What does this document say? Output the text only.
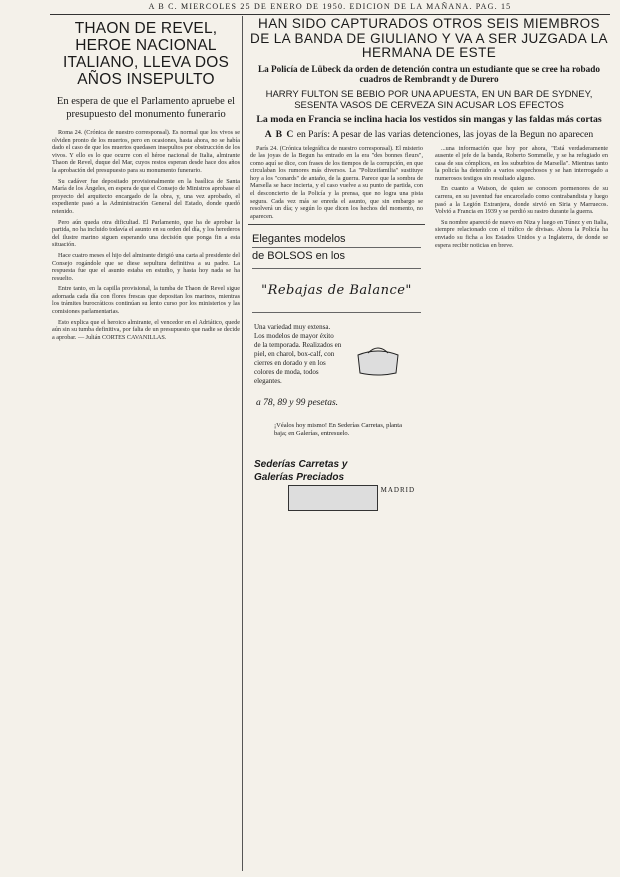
A B C. MIERCOLES 25 DE ENERO DE 1950. EDICION DE LA MAÑANA. PAG. 15
THAON DE REVEL, HEROE NACIONAL ITALIANO, LLEVA DOS AÑOS INSEPULTO
En espera de que el Parlamento apruebe el presupuesto del monumento funerario

Roma 24. (Crónica de nuestro corresponsal). Es normal que los vivos se olviden pronto de los muertos, pero en ocasiones, hasta ahora, no se había dado el caso de que los muertos quedasen insepultos por obstrucción de los vivos. Y ello es lo que ocurre con el héroe nacional de Italia, almirante Thaon de Revel, duque del Mar, cuyos restos esperan desde hace dos años la aprobación del presupuesto para su monumento funerario.

Su cadáver fue depositado provisionalmente en la basílica de Santa María de los Ángeles, en espera de que el Consejo de Ministros aprobase el proyecto del arquitecto encargado de la obra, y, una vez aprobado, el expediente pasó a la Administración General del Estado, donde quedó retenido.

Pero aún queda otra dificultad. El Parlamento, que ha de aprobar la partida, no ha incluido todavía el asunto en su orden del día, y los herederos del ilustre marino siguen esperando una decisión que ponga fin a esta situación.

Hace cuatro meses el hijo del almirante dirigió una carta al presidente del Consejo rogándole que se diese sepultura definitiva a su padre. La respuesta fue que el asunto estaba en estudio, y hasta hoy nada se ha resuelto.

Entre tanto, en la capilla provisional, la tumba de Thaon de Revel sigue adornada cada día con flores frescas que depositan los marinos, mientras los trámites burocráticos continúan su lento curso por los ministerios y las comisiones parlamentarias.

Esto explica que el heroico almirante, el vencedor en el Adriático, quede aún sin su tumba definitiva, por falta de un presupuesto que nadie se decide a aprobar. — Julián CORTES CAVANILLAS.

HAN SIDO CAPTURADOS OTROS SEIS MIEMBROS DE LA BANDA DE GIULIANO Y VA A SER JUZGADA LA HERMANA DE ESTE
La Policía de Lübeck da orden de detención contra un estudiante que se cree ha robado cuadros de Rembrandt y de Durero
HARRY FULTON SE BEBIO POR UNA APUESTA, EN UN BAR DE SYDNEY, SESENTA VASOS DE CERVEZA SIN ACUSAR LOS EFECTOS
La moda en Francia se inclina hacia los vestidos sin mangas y las faldas más cortas
A B C en París: A pesar de las varias detenciones, las joyas de la Begun no aparecen

París 24. (Crónica telegráfica de nuestro corresponsal). El misterio de las joyas de la Begun ha entrado en la era "des bonnes fleurs", como aquí se dice, con frases de los tiempos de la corrupción, en que circulaban los rumores más diversos. La "Polizeifamilia" sustituye hoy a los "conards" de antaño, de la guerra. Parece que la sombra de Marsella se hace incierta, y el caso vuelve a su punto de partida, con el desconcierto de la Policía y la prensa, que no logra una pista segura. Cada vez más se enreda el asunto, que sin embargo se resolverá un día; y según lo que dicen los hechos del momento, no aparecen.

Elegantes modelos
de BOLSOS en los
"Rebajas de Balance"
Una variedad muy extensa. Los modelos de mayor éxito de la temporada. Realizados en piel, en charol, box-calf, con cierres en dorado y en los colores de moda, todos elegantes.
a 78, 89 y 99 pesetas.
¡Véalos hoy mismo! En Sederías Carretas, planta baja; en Galerías, entresuelo.
Sederías Carretas y
Galerías Preciados
MADRID

...una información que hoy por ahora, "Está verdaderamente ausente el jefe de la banda, Roberto Sommelle, y se ha refugiado en casa de sus cómplices, en los suburbios de Marsella". Mientras tanto la policía ha detenido a varios sospechosos y se han interrogado a numerosos testigos sin resultado alguno.

En cuanto a Watson, de quien se conocen pormenores de su carrera, en su juventud fue encarcelado como contrabandista y luego pasó a la Legión Extranjera, donde sirvió en Siria y Marruecos. Volvió a Francia en 1939 y se perdió su rastro durante la guerra.

Su nombre apareció de nuevo en Niza y luego en Túnez y en Italia, siempre relacionado con el tráfico de divisas. Ahora la Policía ha enviado su ficha a los Estados Unidos y a Inglaterra, de donde se espera recibir noticias en breve.
